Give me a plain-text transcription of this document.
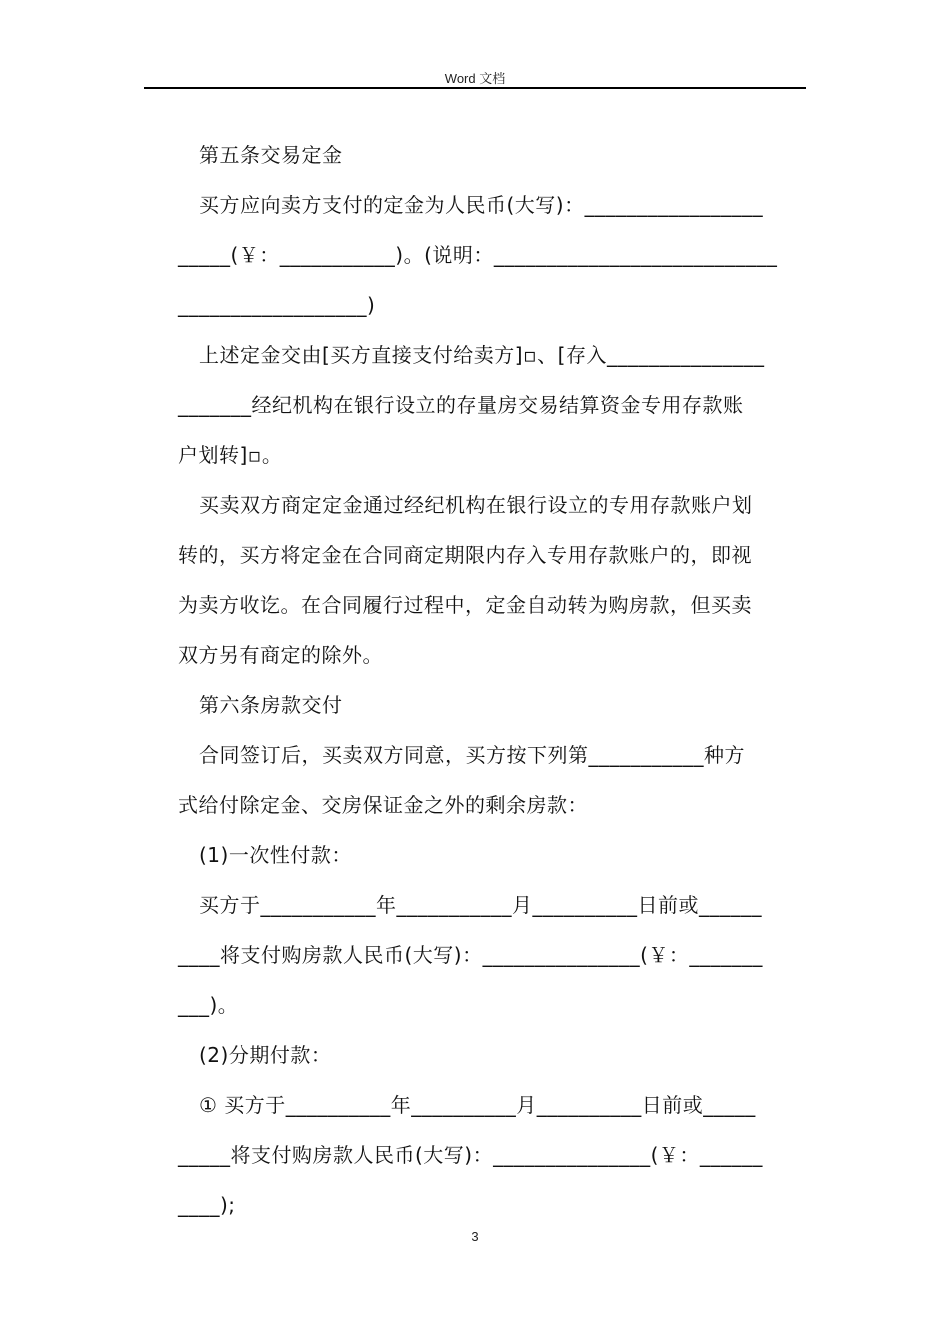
Word 文档
第五条交易定金
买方应向卖方支付的定金为人民币(大写)：_________________
_____(￥：___________)。(说明：___________________________
__________________)
上述定金交由[买方直接支付给卖方]▫、[存入_______________
_______经纪机构在银行设立的存量房交易结算资金专用存款账
户划转]▫。
买卖双方商定定金通过经纪机构在银行设立的专用存款账户划
转的，买方将定金在合同商定期限内存入专用存款账户的，即视
为卖方收讫。在合同履行过程中，定金自动转为购房款，但买卖
双方另有商定的除外。
第六条房款交付
合同签订后，买卖双方同意，买方按下列第___________种方
式给付除定金、交房保证金之外的剩余房款：
(1)一次性付款：
买方于___________年___________月__________日前或______
____将支付购房款人民币(大写)：_______________(￥：_______
___)。
(2)分期付款：
① 买方于__________年__________月__________日前或_____
_____将支付购房款人民币(大写)：_______________(￥：______
____);
3
